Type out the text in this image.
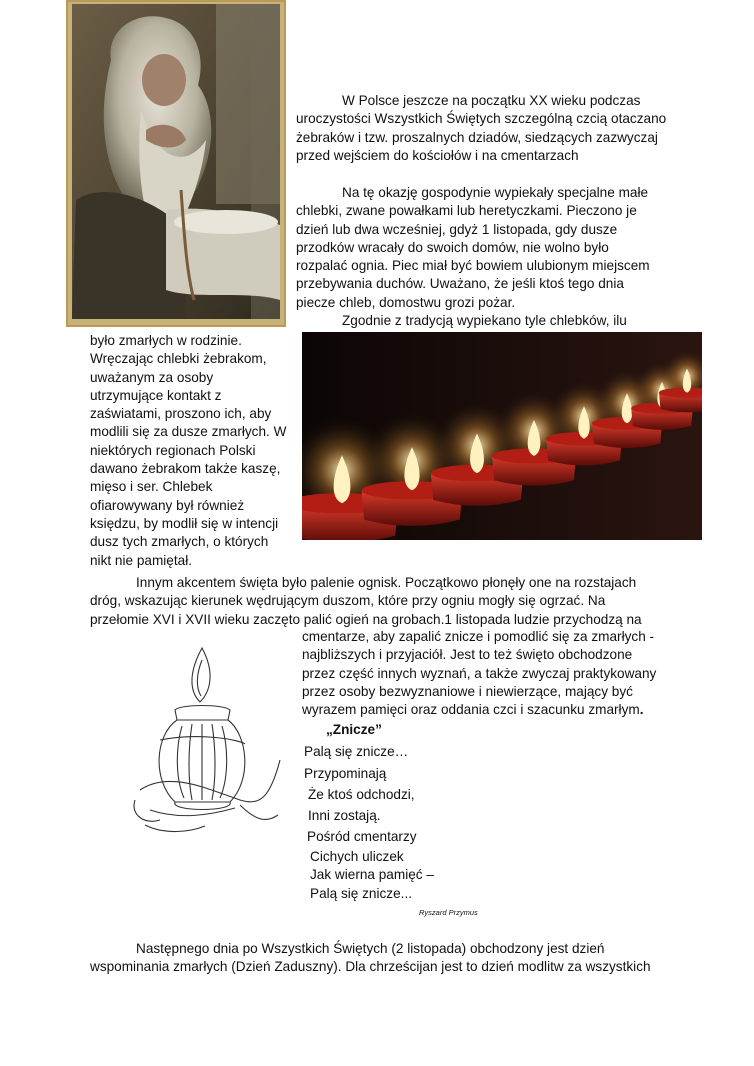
W Polsce jeszcze na początku XX wieku podczas
uroczystości Wszystkich Świętych szczególną czcią otaczano
żebraków i tzw. proszalnych dziadów, siedzących zazwyczaj
przed wejściem do kościołów i na cmentarzach
Na tę okazję gospodynie wypiekały specjalne małe
chlebki, zwane powałkami lub heretyczkami. Pieczono je
dzień lub dwa wcześniej, gdyż 1 listopada, gdy dusze
przodków wracały do swoich domów, nie wolno było
rozpalać ognia. Piec miał być bowiem ulubionym miejscem
przebywania duchów. Uważano, że jeśli ktoś tego dnia
piecze chleb, domostwu grozi pożar.
Zgodnie z tradycją wypiekano tyle chlebków, ilu
było zmarłych w rodzinie.
Wręczając chlebki żebrakom,
uważanym za osoby
utrzymujące kontakt z
zaświatami, proszono ich, aby
modlili się za dusze zmarłych. W
niektórych regionach Polski
dawano żebrakom także kaszę,
mięso i ser. Chlebek
ofiarowywany był również
księdzu, by modlił się w intencji
dusz tych zmarłych, o których
nikt nie pamiętał.
Innym akcentem święta było palenie ognisk. Początkowo płonęły one na rozstajach
dróg, wskazując kierunek wędrującym duszom, które przy ogniu mogły się ogrzać. Na
przełomie XVI i XVII wieku zaczęto palić ogień na grobach.1 listopada ludzie przychodzą na
cmentarze, aby zapalić znicze i pomodlić się za zmarłych -
najbliższych i przyjaciół. Jest to też święto obchodzone
przez część innych wyznań, a także zwyczaj praktykowany
przez osoby bezwyznaniowe i niewierzące, mający być
wyrazem pamięci oraz oddania czci i szacunku zmarłym.
„Znicze”
Palą się znicze…
Przypominają
Że ktoś odchodzi,
Inni zostają.
Pośród cmentarzy
Cichych uliczek
Jak wierna pamięć –
Palą się znicze...
Ryszard Przymus
Następnego dnia po Wszystkich Świętych (2 listopada) obchodzony jest dzień
wspominania zmarłych (Dzień Zaduszny). Dla chrześcijan jest to dzień modlitw za wszystkich
